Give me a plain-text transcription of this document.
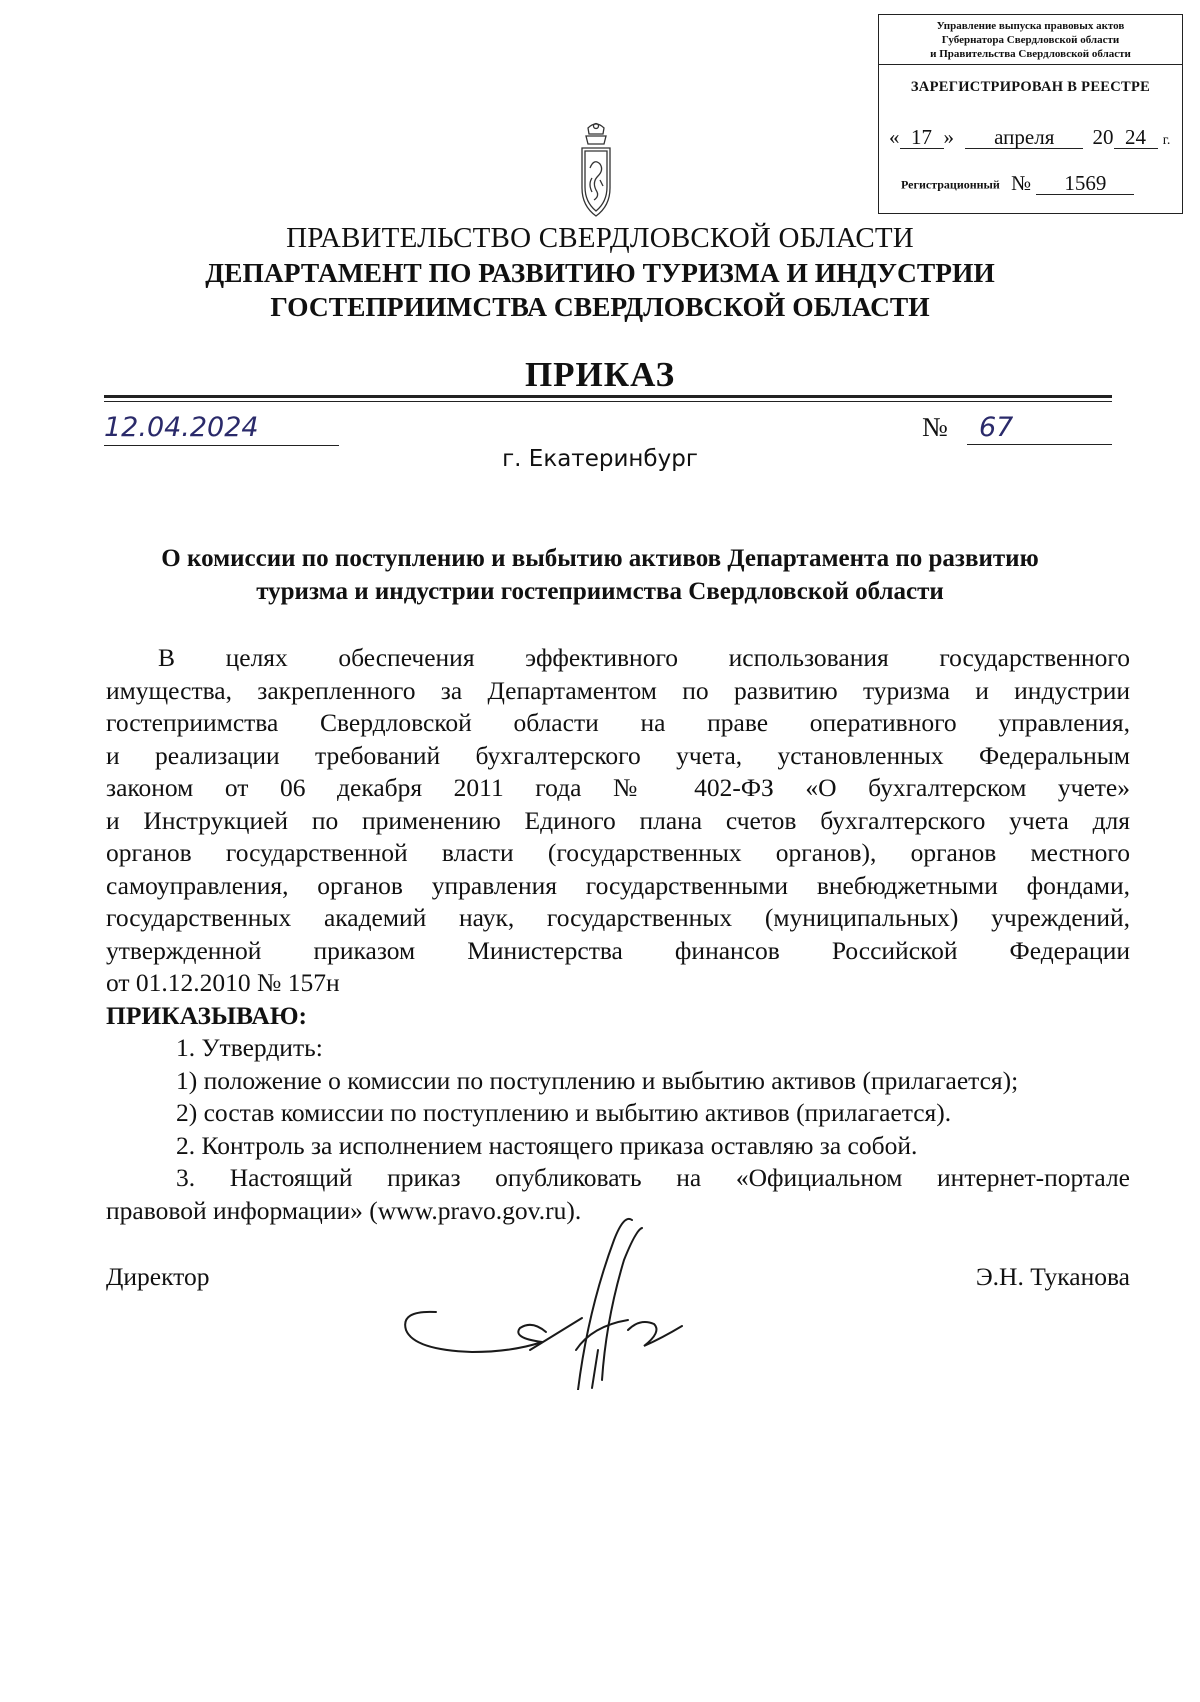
Управление выпуска правовых актов
Губернатора Свердловской области
и Правительства Свердловской области
ЗАРЕГИСТРИРОВАН В РЕЕСТРЕ
« 17 » апреля 20 24 г.
Регистрационный № 1569
ПРАВИТЕЛЬСТВО СВЕРДЛОВСКОЙ ОБЛАСТИ
ДЕПАРТАМЕНТ ПО РАЗВИТИЮ ТУРИЗМА И ИНДУСТРИИ
ГОСТЕПРИИМСТВА СВЕРДЛОВСКОЙ ОБЛАСТИ
ПРИКАЗ
12.04.2024	№	67
г. Екатеринбург
О комиссии по поступлению и выбытию активов Департамента по развитию
туризма и индустрии гостеприимства Свердловской области

В целях обеспечения эффективного использования государственного

имущества, закрепленного за Департаментом по развитию туризма и индустрии

гостеприимства Свердловской области на праве оперативного управления,

и реализации требований бухгалтерского учета, установленных Федеральным

законом от 06 декабря 2011 года № 402-ФЗ «О бухгалтерском учете»

и Инструкцией по применению Единого плана счетов бухгалтерского учета для

органов государственной власти (государственных органов), органов местного

самоуправления, органов управления государственными внебюджетными фондами,

государственных академий наук, государственных (муниципальных) учреждений,

утвержденной приказом Министерства финансов Российской Федерации

от 01.12.2010 № 157н

ПРИКАЗЫВАЮ:

1. Утвердить:

1) положение о комиссии по поступлению и выбытию активов (прилагается);

2) состав комиссии по поступлению и выбытию активов (прилагается).

2. Контроль за исполнением настоящего приказа оставляю за собой.

3. Настоящий приказ опубликовать на «Официальном интернет-портале

правовой информации» (www.pravo.gov.ru).

Директор	Э.Н. Туканова
